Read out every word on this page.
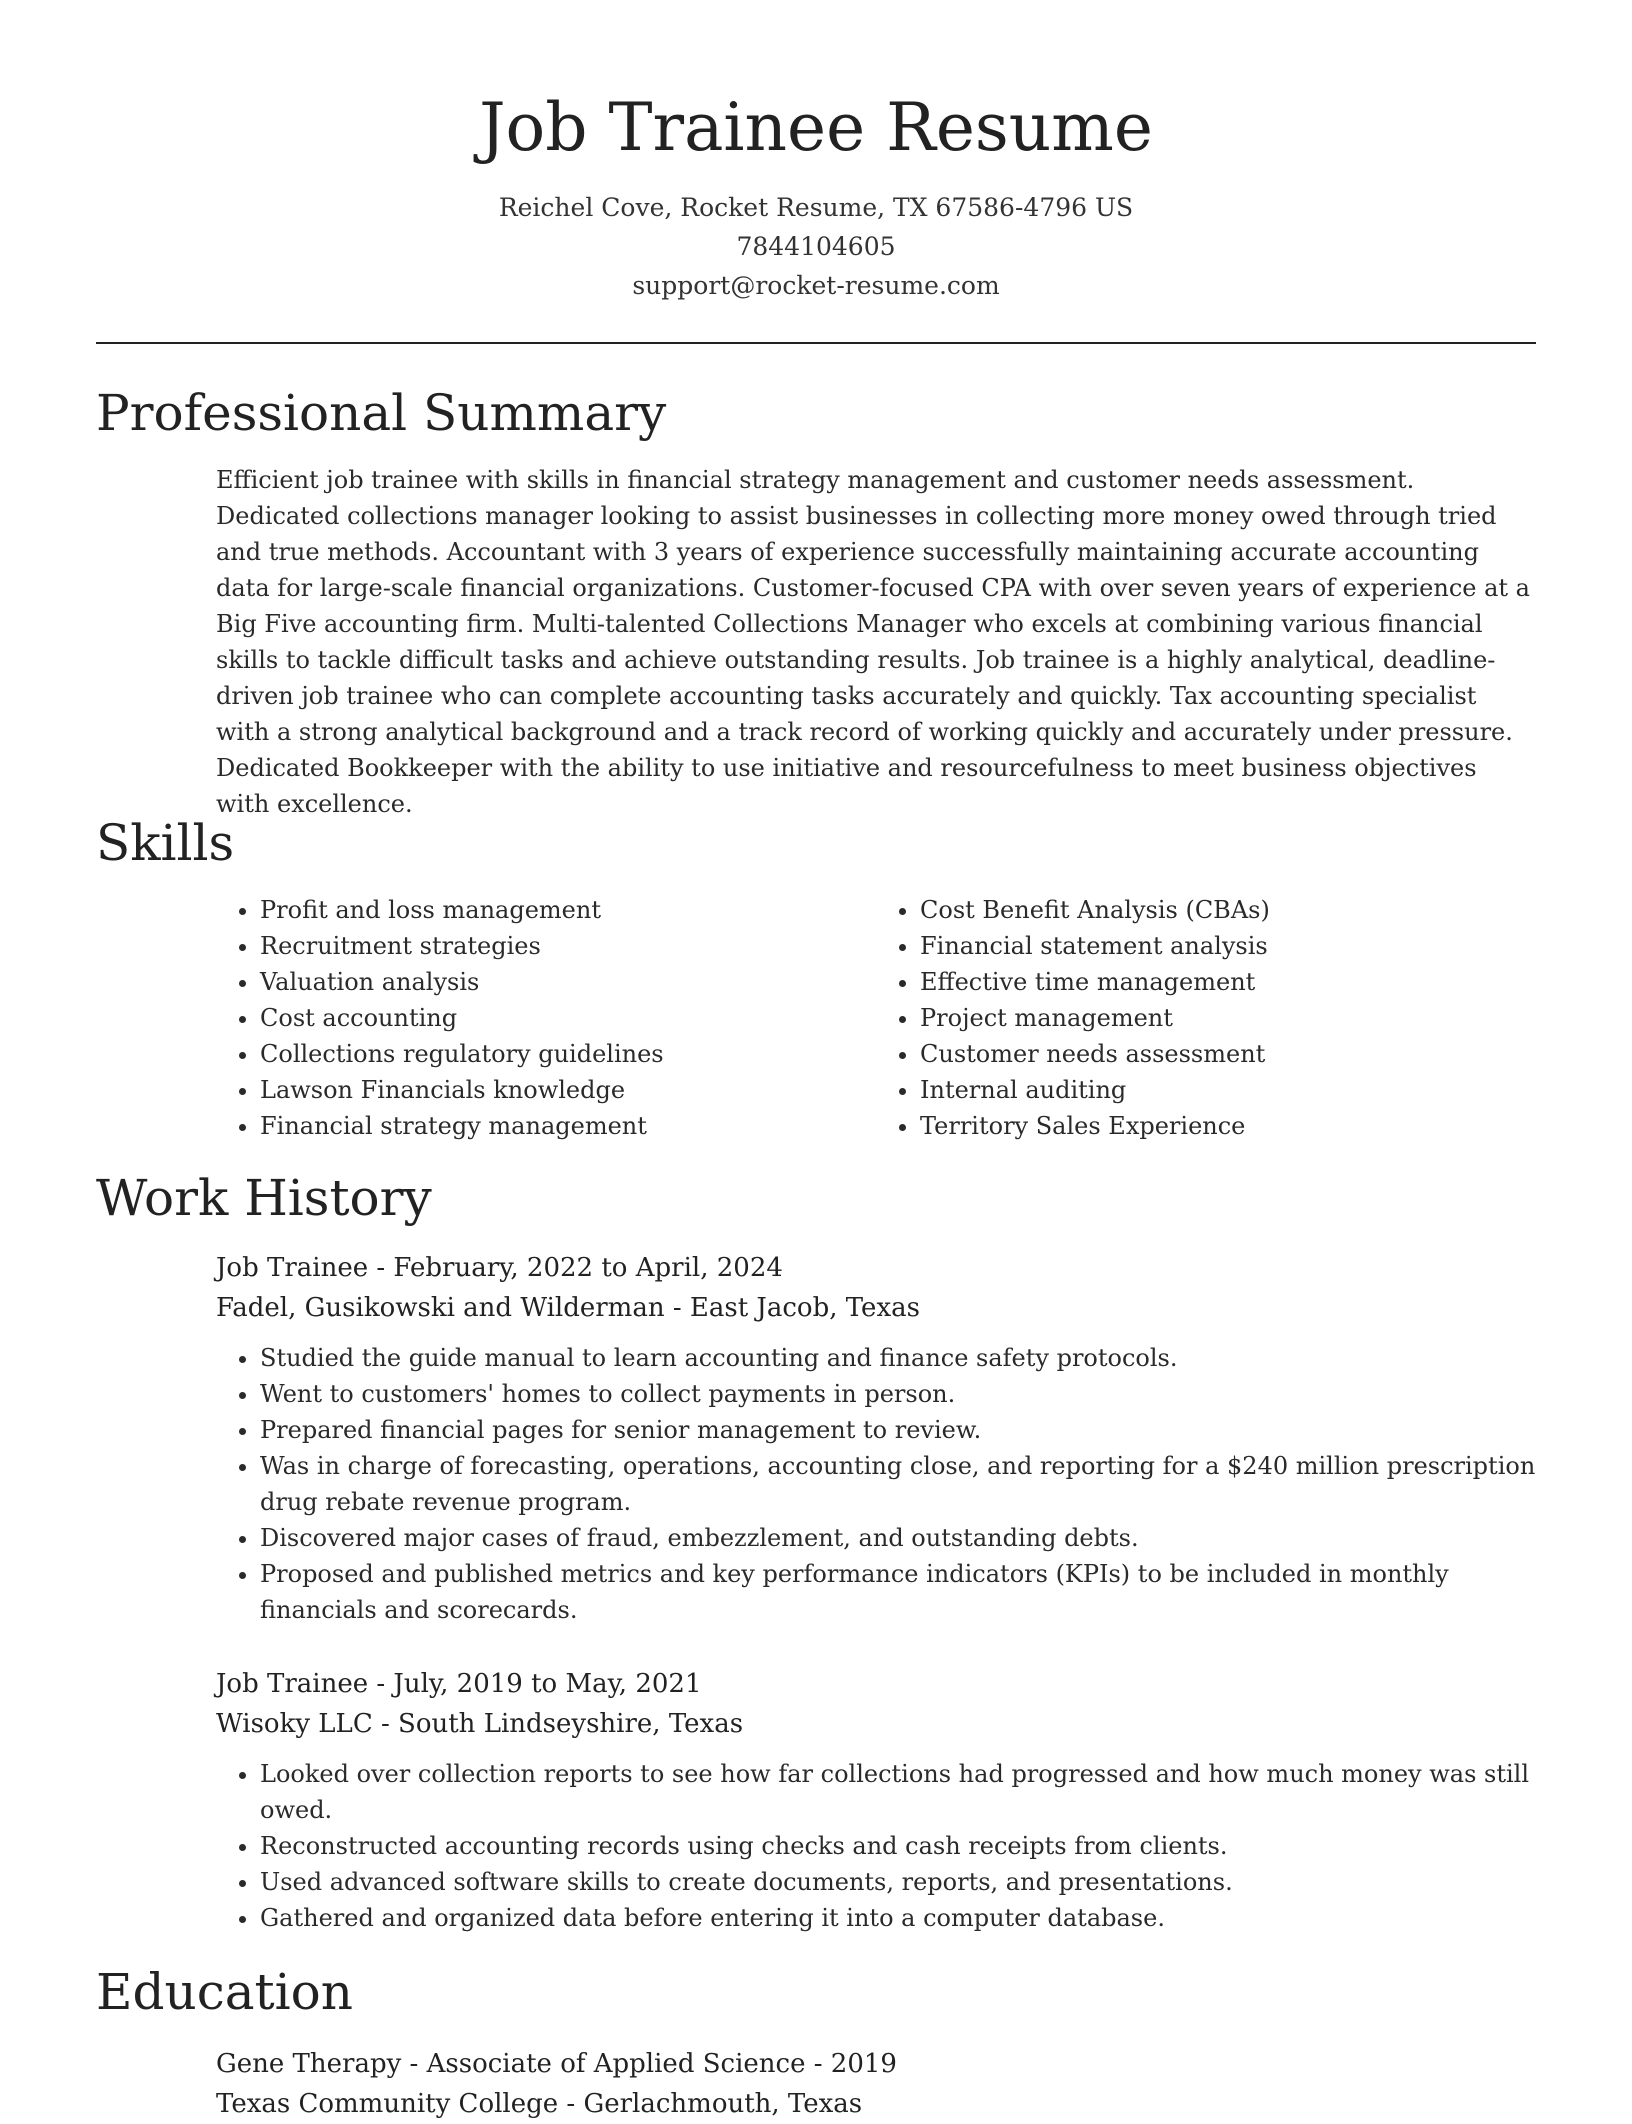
Job Trainee Resume
Reichel Cove, Rocket Resume, TX 67586-4796 US
7844104605
support@rocket-resume.com
Professional Summary

Efficient job trainee with skills in financial strategy management and customer needs assessment. Dedicated collections manager looking to assist businesses in collecting more money owed through tried and true methods. Accountant with 3 years of experience successfully maintaining accurate accounting data for large-scale financial organizations. Customer-focused CPA with over seven years of experience at a Big Five accounting firm. Multi-talented Collections Manager who excels at combining various financial skills to tackle difficult tasks and achieve outstanding results. Job trainee is a highly analytical, deadline-driven job trainee who can complete accounting tasks accurately and quickly. Tax accounting specialist with a strong analytical background and a track record of working quickly and accurately under pressure. Dedicated Bookkeeper with the ability to use initiative and resourcefulness to meet business objectives with excellence.

Skills
• Profit and loss management
• Recruitment strategies
• Valuation analysis
• Cost accounting
• Collections regulatory guidelines
• Lawson Financials knowledge
• Financial strategy management
• Cost Benefit Analysis (CBAs)
• Financial statement analysis
• Effective time management
• Project management
• Customer needs assessment
• Internal auditing
• Territory Sales Experience
Work History
Job Trainee - February, 2022 to April, 2024
Fadel, Gusikowski and Wilderman - East Jacob, Texas
• Studied the guide manual to learn accounting and finance safety protocols.
• Went to customers' homes to collect payments in person.
• Prepared financial pages for senior management to review.
• Was in charge of forecasting, operations, accounting close, and reporting for a $240 million prescription drug rebate revenue program.
• Discovered major cases of fraud, embezzlement, and outstanding debts.
• Proposed and published metrics and key performance indicators (KPIs) to be included in monthly financials and scorecards.
Job Trainee - July, 2019 to May, 2021
Wisoky LLC - South Lindseyshire, Texas
• Looked over collection reports to see how far collections had progressed and how much money was still owed.
• Reconstructed accounting records using checks and cash receipts from clients.
• Used advanced software skills to create documents, reports, and presentations.
• Gathered and organized data before entering it into a computer database.
Education
Gene Therapy - Associate of Applied Science - 2019
Texas Community College - Gerlachmouth, Texas
